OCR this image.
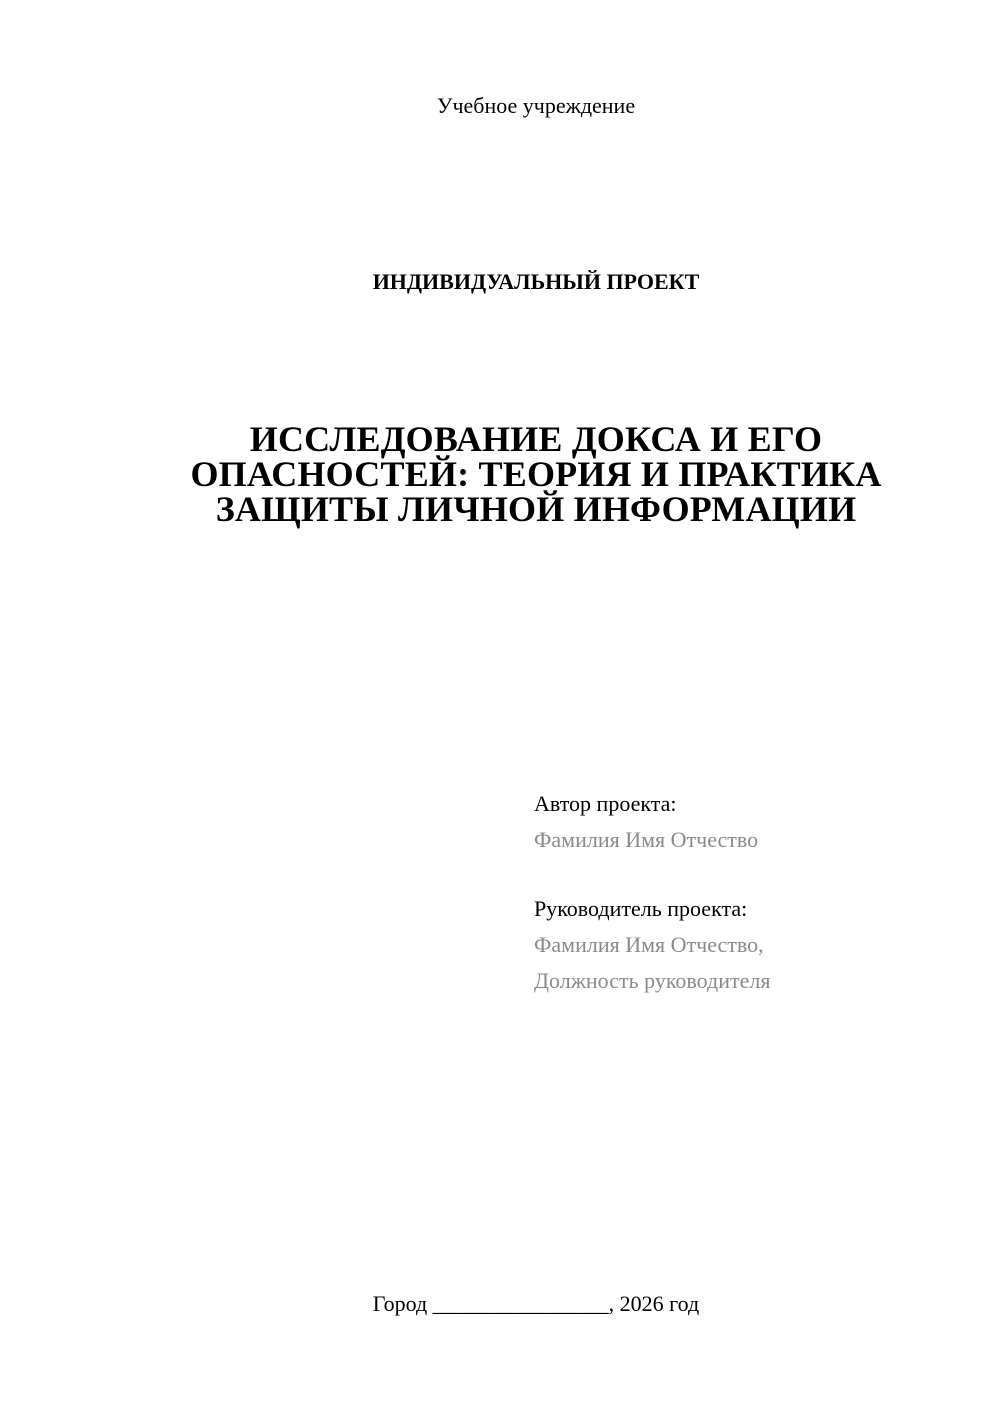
Учебное учреждение
ИНДИВИДУАЛЬНЫЙ ПРОЕКТ
ИССЛЕДОВАНИЕ ДОКСА И ЕГО
ОПАСНОСТЕЙ: ТЕОРИЯ И ПРАКТИКА
ЗАЩИТЫ ЛИЧНОЙ ИНФОРМАЦИИ
Автор проекта:
Фамилия Имя Отчество
Руководитель проекта:
Фамилия Имя Отчество,
Должность руководителя
Город ________________, 2026 год
